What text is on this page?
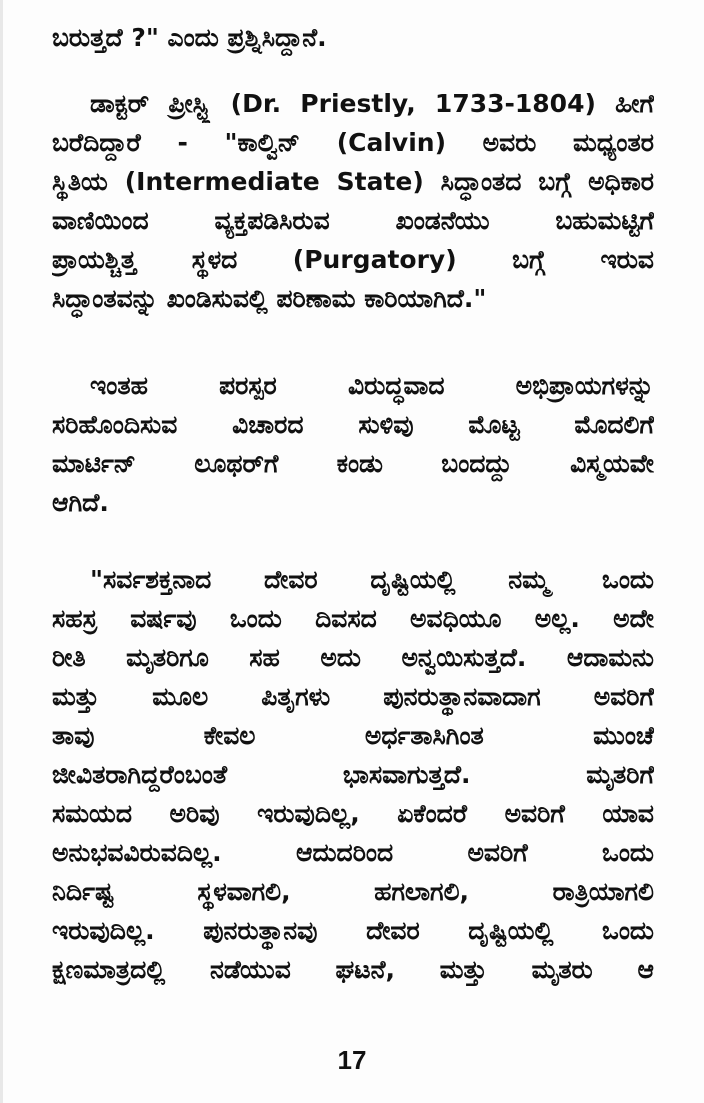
ಬರುತ್ತದೆ ?" ಎಂದು ಪ್ರಶ್ನಿಸಿದ್ದಾನೆ.
ಡಾಕ್ಟರ್ ಪ್ರೀಸ್ಟ್ಲಿ (Dr. Priestly, 1733-1804) ಹೀಗೆ
ಬರೆದಿದ್ದಾರೆ - "ಕಾಲ್ವಿನ್ (Calvin) ಅವರು ಮಧ್ಯಂತರ
ಸ್ಥಿತಿಯ (Intermediate State) ಸಿದ್ಧಾಂತದ ಬಗ್ಗೆ ಅಧಿಕಾರ
ವಾಣಿಯಿಂದ ವ್ಯಕ್ತಪಡಿಸಿರುವ ಖಂಡನೆಯು ಬಹುಮಟ್ಟಿಗೆ
ಪ್ರಾಯಶ್ಚಿತ್ತ ಸ್ಥಳದ (Purgatory) ಬಗ್ಗೆ ಇರುವ
ಸಿದ್ಧಾಂತವನ್ನು ಖಂಡಿಸುವಲ್ಲಿ ಪರಿಣಾಮ ಕಾರಿಯಾಗಿದೆ."
ಇಂತಹ ಪರಸ್ಪರ ವಿರುದ್ಧವಾದ ಅಭಿಪ್ರಾಯಗಳನ್ನು
ಸರಿಹೊಂದಿಸುವ ವಿಚಾರದ ಸುಳಿವು ಮೊಟ್ಟ ಮೊದಲಿಗೆ
ಮಾರ್ಟಿನ್ ಲೂಥರ್‌ಗೆ ಕಂಡು ಬಂದದ್ದು ವಿಸ್ಮಯವೇ
ಆಗಿದೆ.
"ಸರ್ವಶಕ್ತನಾದ ದೇವರ ದೃಷ್ಟಿಯಲ್ಲಿ ನಮ್ಮ ಒಂದು
ಸಹಸ್ರ ವರ್ಷವು ಒಂದು ದಿವಸದ ಅವಧಿಯೂ ಅಲ್ಲ. ಅದೇ
ರೀತಿ ಮೃತರಿಗೂ ಸಹ ಅದು ಅನ್ವಯಿಸುತ್ತದೆ. ಆದಾಮನು
ಮತ್ತು ಮೂಲ ಪಿತೃಗಳು ಪುನರುತ್ಥಾನವಾದಾಗ ಅವರಿಗೆ
ತಾವು ಕೇವಲ ಅರ್ಧತಾಸಿಗಿಂತ ಮುಂಚೆ
ಜೀವಿತರಾಗಿದ್ದರೆಂಬಂತೆ ಭಾಸವಾಗುತ್ತದೆ. ಮೃತರಿಗೆ
ಸಮಯದ ಅರಿವು ಇರುವುದಿಲ್ಲ, ಏಕೆಂದರೆ ಅವರಿಗೆ ಯಾವ
ಅನುಭವವಿರುವದಿಲ್ಲ. ಆದುದರಿಂದ ಅವರಿಗೆ ಒಂದು
ನಿರ್ದಿಷ್ಟ ಸ್ಥಳವಾಗಲಿ, ಹಗಲಾಗಲಿ, ರಾತ್ರಿಯಾಗಲಿ
ಇರುವುದಿಲ್ಲ. ಪುನರುತ್ಥಾನವು ದೇವರ ದೃಷ್ಟಿಯಲ್ಲಿ ಒಂದು
ಕ್ಷಣಮಾತ್ರದಲ್ಲಿ ನಡೆಯುವ ಘಟನೆ, ಮತ್ತು ಮೃತರು ಆ
17
